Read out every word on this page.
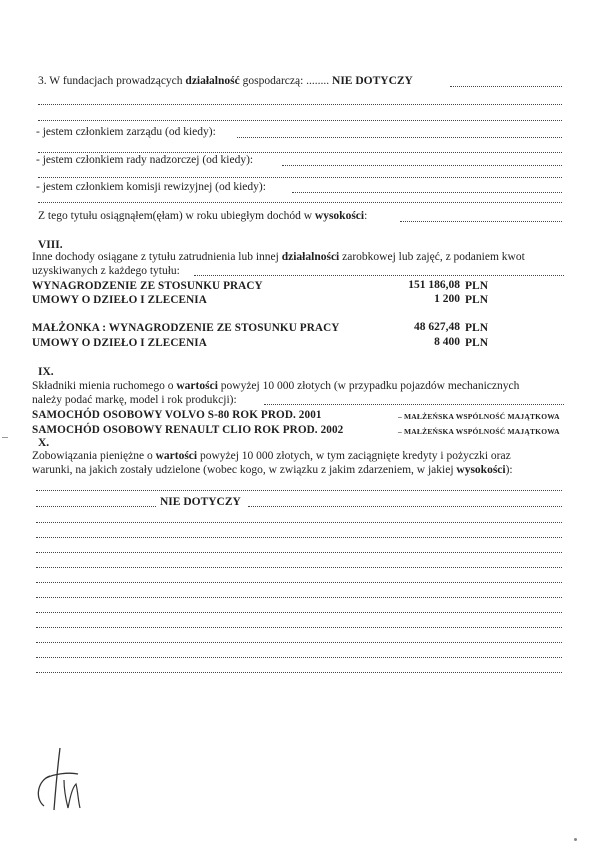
3. W fundacjach prowadzących działalność gospodarczą: ........ NIE DOTYCZY
- jestem członkiem zarządu (od kiedy):
- jestem członkiem rady nadzorczej (od kiedy):
- jestem członkiem komisji rewizyjnej (od kiedy):
Z tego tytułu osiągnąłem(ęłam) w roku ubiegłym dochód w wysokości:
VIII.
Inne dochody osiągane z tytułu zatrudnienia lub innej działalności zarobkowej lub zajęć, z podaniem kwot
uzyskiwanych z każdego tytułu:
WYNAGRODZENIE ZE STOSUNKU PRACY	151 186,08 PLN
UMOWY O DZIEŁO I ZLECENIA	1 200 PLN
MAŁŻONKA : WYNAGRODZENIE ZE STOSUNKU PRACY	48 627,48 PLN
UMOWY O DZIEŁO I ZLECENIA	8 400 PLN
IX.
Składniki mienia ruchomego o wartości powyżej 10 000 złotych (w przypadku pojazdów mechanicznych
należy podać markę, model i rok produkcji):
SAMOCHÓD OSOBOWY VOLVO S-80 ROK PROD. 2001	– MAŁŻEŃSKA WSPÓLNOŚĆ MAJĄTKOWA
SAMOCHÓD OSOBOWY RENAULT CLIO ROK PROD. 2002	– MAŁŻEŃSKA WSPÓLNOŚĆ MAJĄTKOWA
X.
Zobowiązania pieniężne o wartości powyżej 10 000 złotych, w tym zaciągnięte kredyty i pożyczki oraz
warunki, na jakich zostały udzielone (wobec kogo, w związku z jakim zdarzeniem, w jakiej wysokości):
NIE DOTYCZY
